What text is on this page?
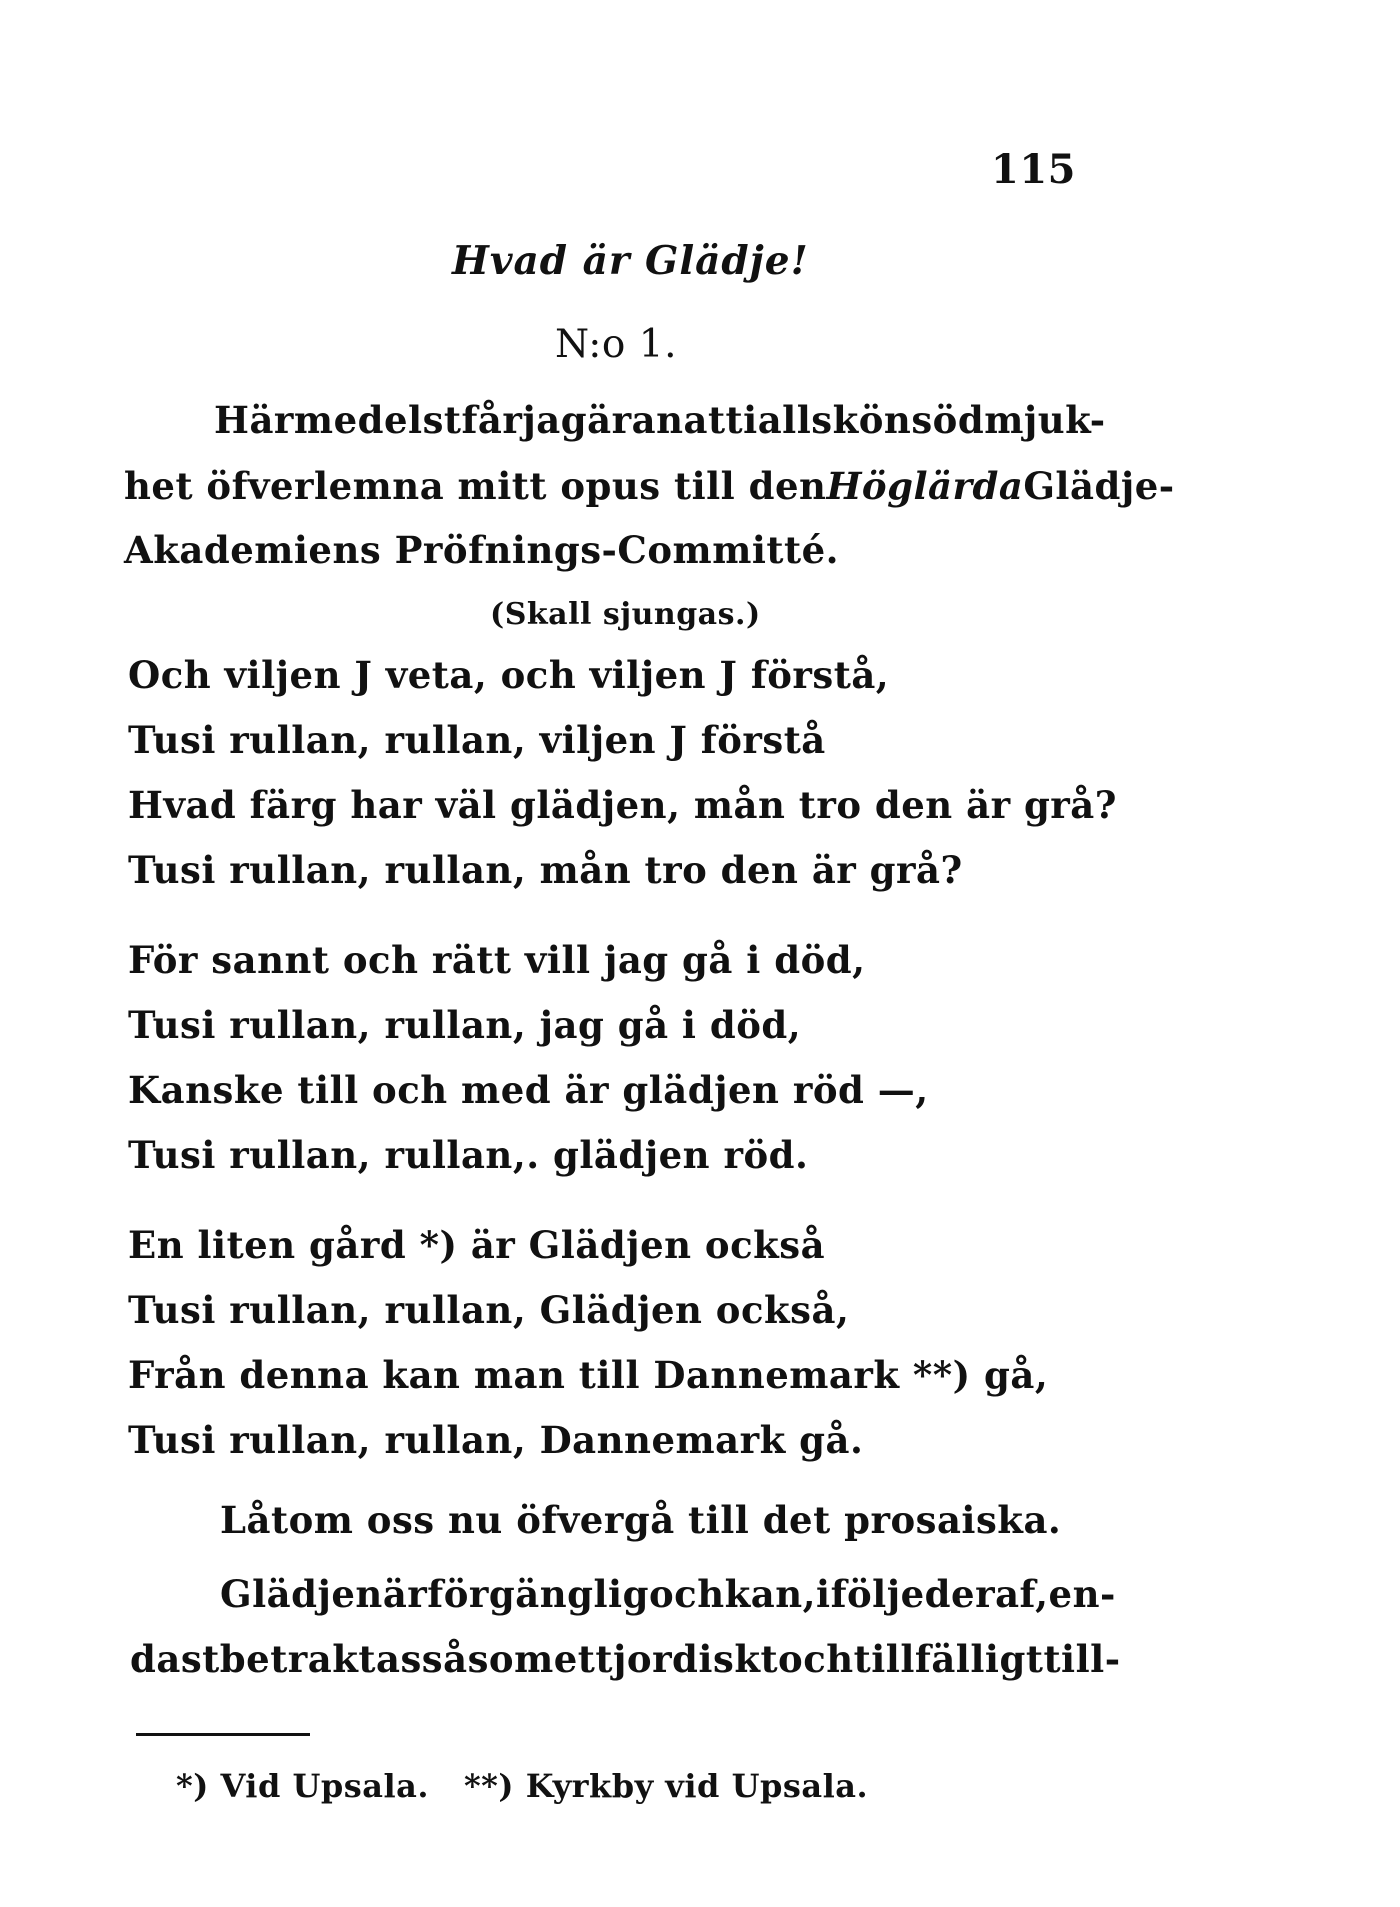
115
Hvad är Glädje!
N:o 1.
Härmedelst får jag äran att i allsköns ödmjuk-
het öfverlemna mitt opus till den Höglärda Glädje-
Akademiens Pröfnings-Committé.
(Skall sjungas.)
Och viljen J veta, och viljen J förstå,
Tusi rullan, rullan, viljen J förstå
Hvad färg har väl glädjen, mån tro den är grå?
Tusi rullan, rullan, mån tro den är grå?
För sannt och rätt vill jag gå i död,
Tusi rullan, rullan, jag gå i död,
Kanske till och med är glädjen röd —,
Tusi rullan, rullan,. glädjen röd.
En liten gård *) är Glädjen också
Tusi rullan, rullan, Glädjen också,
Från denna kan man till Dannemark **) gå,
Tusi rullan, rullan, Dannemark gå.
Låtom oss nu öfvergå till det prosaiska.
Glädjen är förgänglig och kan, i följe deraf, en-
dast betraktas såsom ett jordiskt och tillfälligt till-
*) Vid Upsala.   **) Kyrkby vid Upsala.
